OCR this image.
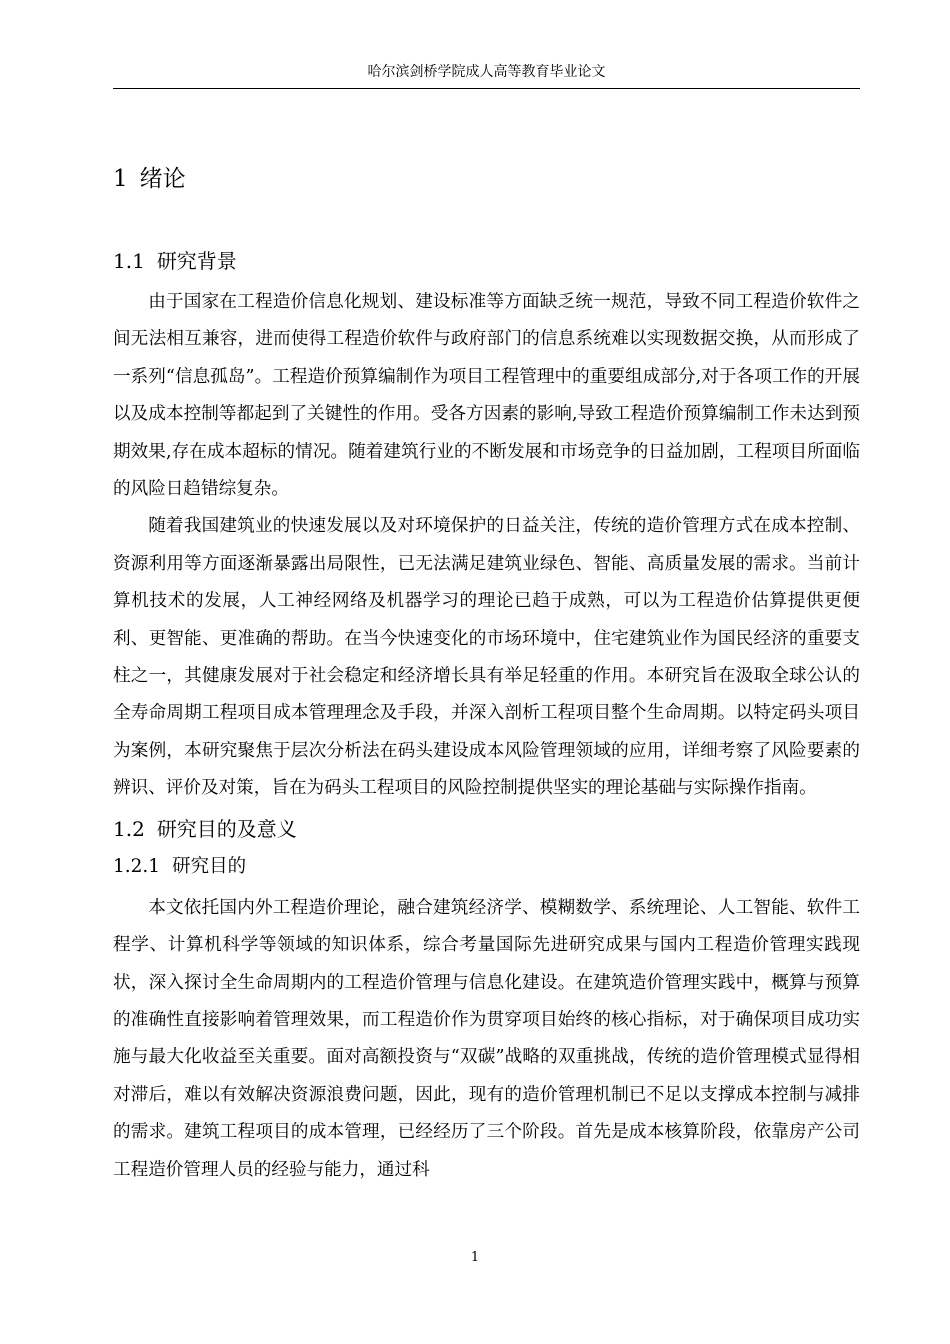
哈尔滨剑桥学院成人高等教育毕业论文
1 绪论
1.1 研究背景

由于国家在工程造价信息化规划、建设标准等方面缺乏统一规范，导致不同工程造价软件之间无法相互兼容，进而使得工程造价软件与政府部门的信息系统难以实现数据交换，从而形成了一系列“信息孤岛”。工程造价预算编制作为项目工程管理中的重要组成部分,对于各项工作的开展以及成本控制等都起到了关键性的作用。受各方因素的影响,导致工程造价预算编制工作未达到预期效果,存在成本超标的情况。随着建筑行业的不断发展和市场竞争的日益加剧，工程项目所面临的风险日趋错综复杂。

随着我国建筑业的快速发展以及对环境保护的日益关注，传统的造价管理方式在成本控制、资源利用等方面逐渐暴露出局限性，已无法满足建筑业绿色、智能、高质量发展的需求。当前计算机技术的发展，人工神经网络及机器学习的理论已趋于成熟，可以为工程造价估算提供更便利、更智能、更准确的帮助。在当今快速变化的市场环境中，住宅建筑业作为国民经济的重要支柱之一，其健康发展对于社会稳定和经济增长具有举足轻重的作用。本研究旨在汲取全球公认的全寿命周期工程项目成本管理理念及手段，并深入剖析工程项目整个生命周期。以特定码头项目为案例，本研究聚焦于层次分析法在码头建设成本风险管理领域的应用，详细考察了风险要素的辨识、评价及对策，旨在为码头工程项目的风险控制提供坚实的理论基础与实际操作指南。

1.2 研究目的及意义
1.2.1 研究目的

本文依托国内外工程造价理论，融合建筑经济学、模糊数学、系统理论、人工智能、软件工程学、计算机科学等领域的知识体系，综合考量国际先进研究成果与国内工程造价管理实践现状，深入探讨全生命周期内的工程造价管理与信息化建设。在建筑造价管理实践中，概算与预算的准确性直接影响着管理效果，而工程造价作为贯穿项目始终的核心指标，对于确保项目成功实施与最大化收益至关重要。面对高额投资与“双碳”战略的双重挑战，传统的造价管理模式显得相对滞后，难以有效解决资源浪费问题，因此，现有的造价管理机制已不足以支撑成本控制与减排的需求。建筑工程项目的成本管理，已经经历了三个阶段。首先是成本核算阶段，依靠房产公司工程造价管理人员的经验与能力，通过科

1
